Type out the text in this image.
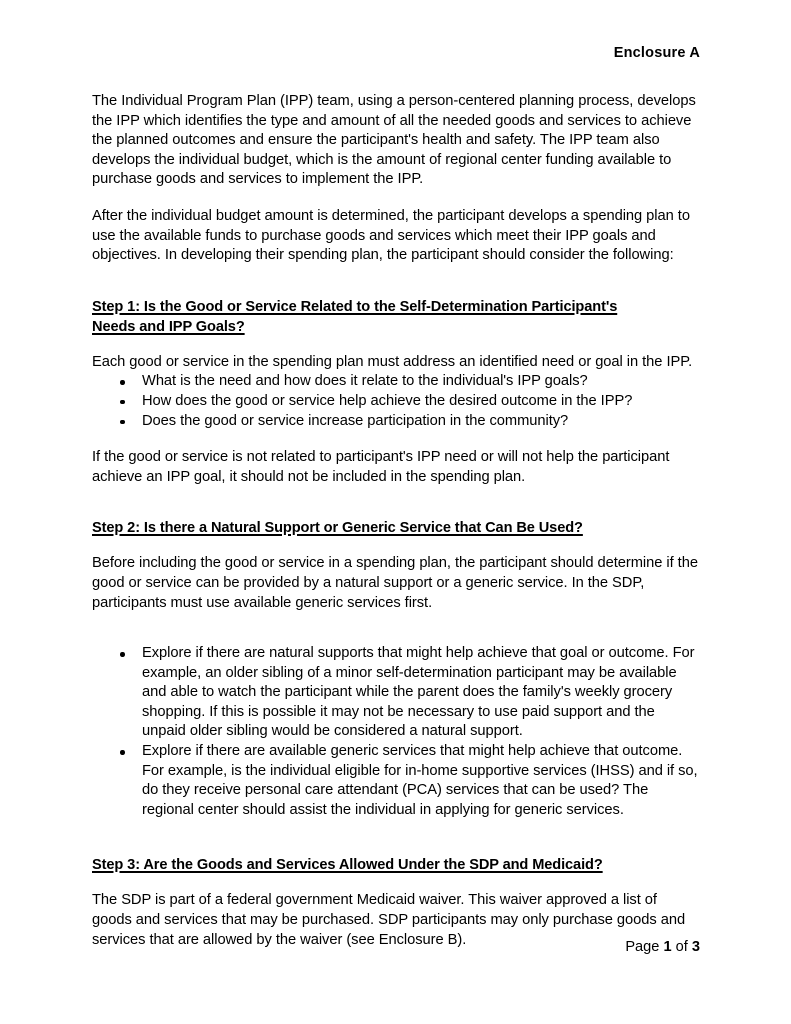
Enclosure A

The Individual Program Plan (IPP) team, using a person-centered planning process, develops the IPP which identifies the type and amount of all the needed goods and services to achieve the planned outcomes and ensure the participant's health and safety. The IPP team also develops the individual budget, which is the amount of regional center funding available to purchase goods and services to implement the IPP.

After the individual budget amount is determined, the participant develops a spending plan to use the available funds to purchase goods and services which meet their IPP goals and objectives. In developing their spending plan, the participant should consider the following:

Step 1: Is the Good or Service Related to the Self-Determination Participant's
Needs and IPP Goals?

Each good or service in the spending plan must address an identified need or goal in the IPP.

What is the need and how does it relate to the individual's IPP goals?
How does the good or service help achieve the desired outcome in the IPP?
Does the good or service increase participation in the community?

If the good or service is not related to participant's IPP need or will not help the participant achieve an IPP goal, it should not be included in the spending plan.

Step 2: Is there a Natural Support or Generic Service that Can Be Used?

Before including the good or service in a spending plan, the participant should determine if the good or service can be provided by a natural support or a generic service. In the SDP, participants must use available generic services first.

Explore if there are natural supports that might help achieve that goal or outcome. For example, an older sibling of a minor self-determination participant may be available and able to watch the participant while the parent does the family's weekly grocery shopping. If this is possible it may not be necessary to use paid support and the unpaid older sibling would be considered a natural support.
Explore if there are available generic services that might help achieve that outcome. For example, is the individual eligible for in-home supportive services (IHSS) and if so, do they receive personal care attendant (PCA) services that can be used? The regional center should assist the individual in applying for generic services.
Step 3: Are the Goods and Services Allowed Under the SDP and Medicaid?

The SDP is part of a federal government Medicaid waiver. This waiver approved a list of goods and services that may be purchased. SDP participants may only purchase goods and services that are allowed by the waiver (see Enclosure B).	Page 1 of 3
